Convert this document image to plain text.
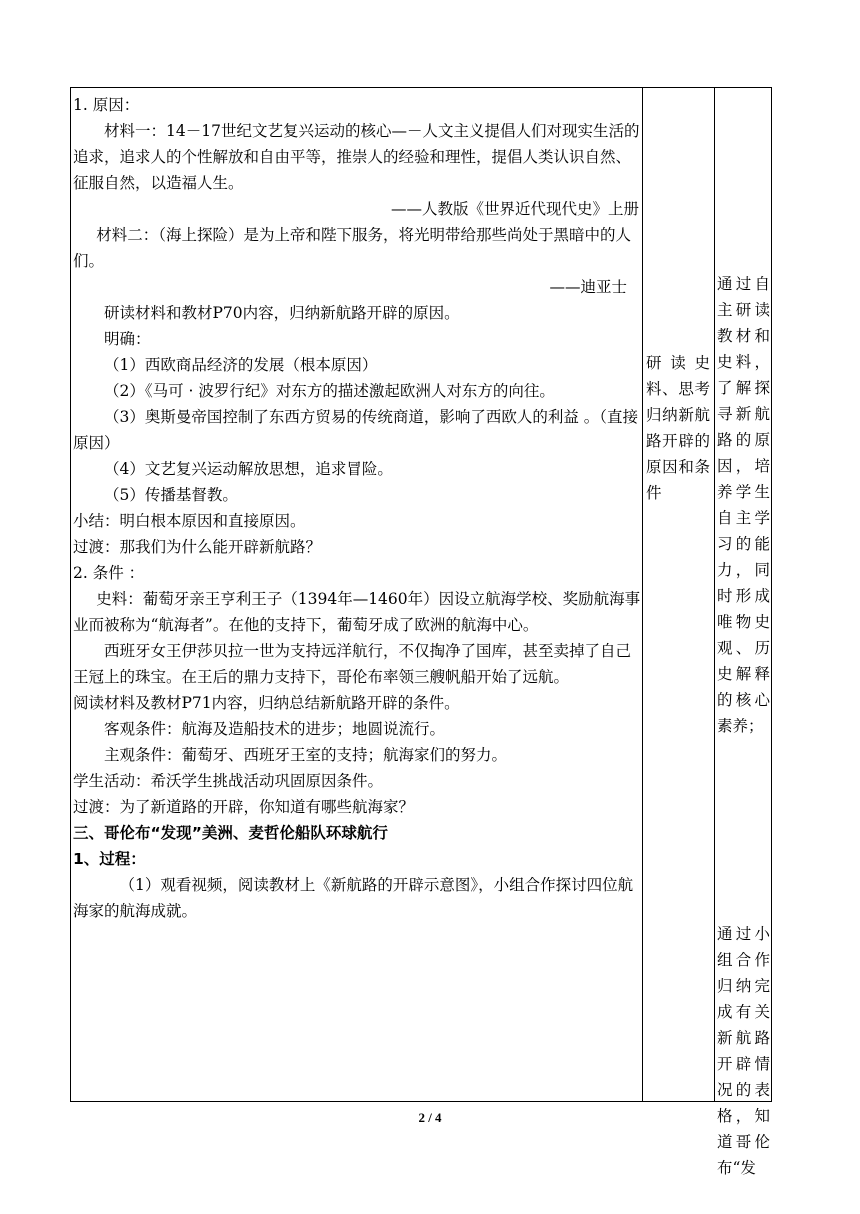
1. 原因：

材料一：14－17世纪文艺复兴运动的核心—－人文主义提倡人们对现实生活的追求，追求人的个性解放和自由平等，推崇人的经验和理性，提倡人类认识自然、征服自然，以造福人生。

——人教版《世界近代现代史》上册

材料二：（海上探险）是为上帝和陛下服务，将光明带给那些尚处于黑暗中的人们。

——迪亚士

研读材料和教材P70内容，归纳新航路开辟的原因。

明确：

（1）西欧商品经济的发展（根本原因）

（2）《马可 · 波罗行纪》对东方的描述激起欧洲人对东方的向往。

（3）奥斯曼帝国控制了东西方贸易的传统商道，影响了西欧人的利益 。（直接原因）

（4）文艺复兴运动解放思想，追求冒险。

（5）传播基督教。

小结：明白根本原因和直接原因。

过渡：那我们为什么能开辟新航路？

2. 条件 ：

史料：葡萄牙亲王亨利王子（1394年—1460年）因设立航海学校、奖励航海事业而被称为“航海者”。在他的支持下，葡萄牙成了欧洲的航海中心。

西班牙女王伊莎贝拉一世为支持远洋航行，不仅掏净了国库，甚至卖掉了自己王冠上的珠宝。在王后的鼎力支持下，哥伦布率领三艘帆船开始了远航。

阅读材料及教材P71内容，归纳总结新航路开辟的条件。

客观条件：航海及造船技术的进步；地圆说流行。

主观条件：葡萄牙、西班牙王室的支持；航海家们的努力。

学生活动：希沃学生挑战活动巩固原因条件。

过渡：为了新道路的开辟，你知道有哪些航海家？

三、哥伦布“发现”美洲、麦哲伦船队环球航行

1、过程：

（1）观看视频，阅读教材上《新航路的开辟示意图》，小组合作探讨四位航海家的航海成就。

研读史料、思考归纳新航路开辟的原因和条件
通过自主研读教材和史料，了解探寻新航路的原因，培养学生自主学习的能力，同时形成唯物史观、历史解释的核心素养；
通过小组合作归纳完成有关新航路开辟情况的表格，知道哥伦布“发
2 / 4
